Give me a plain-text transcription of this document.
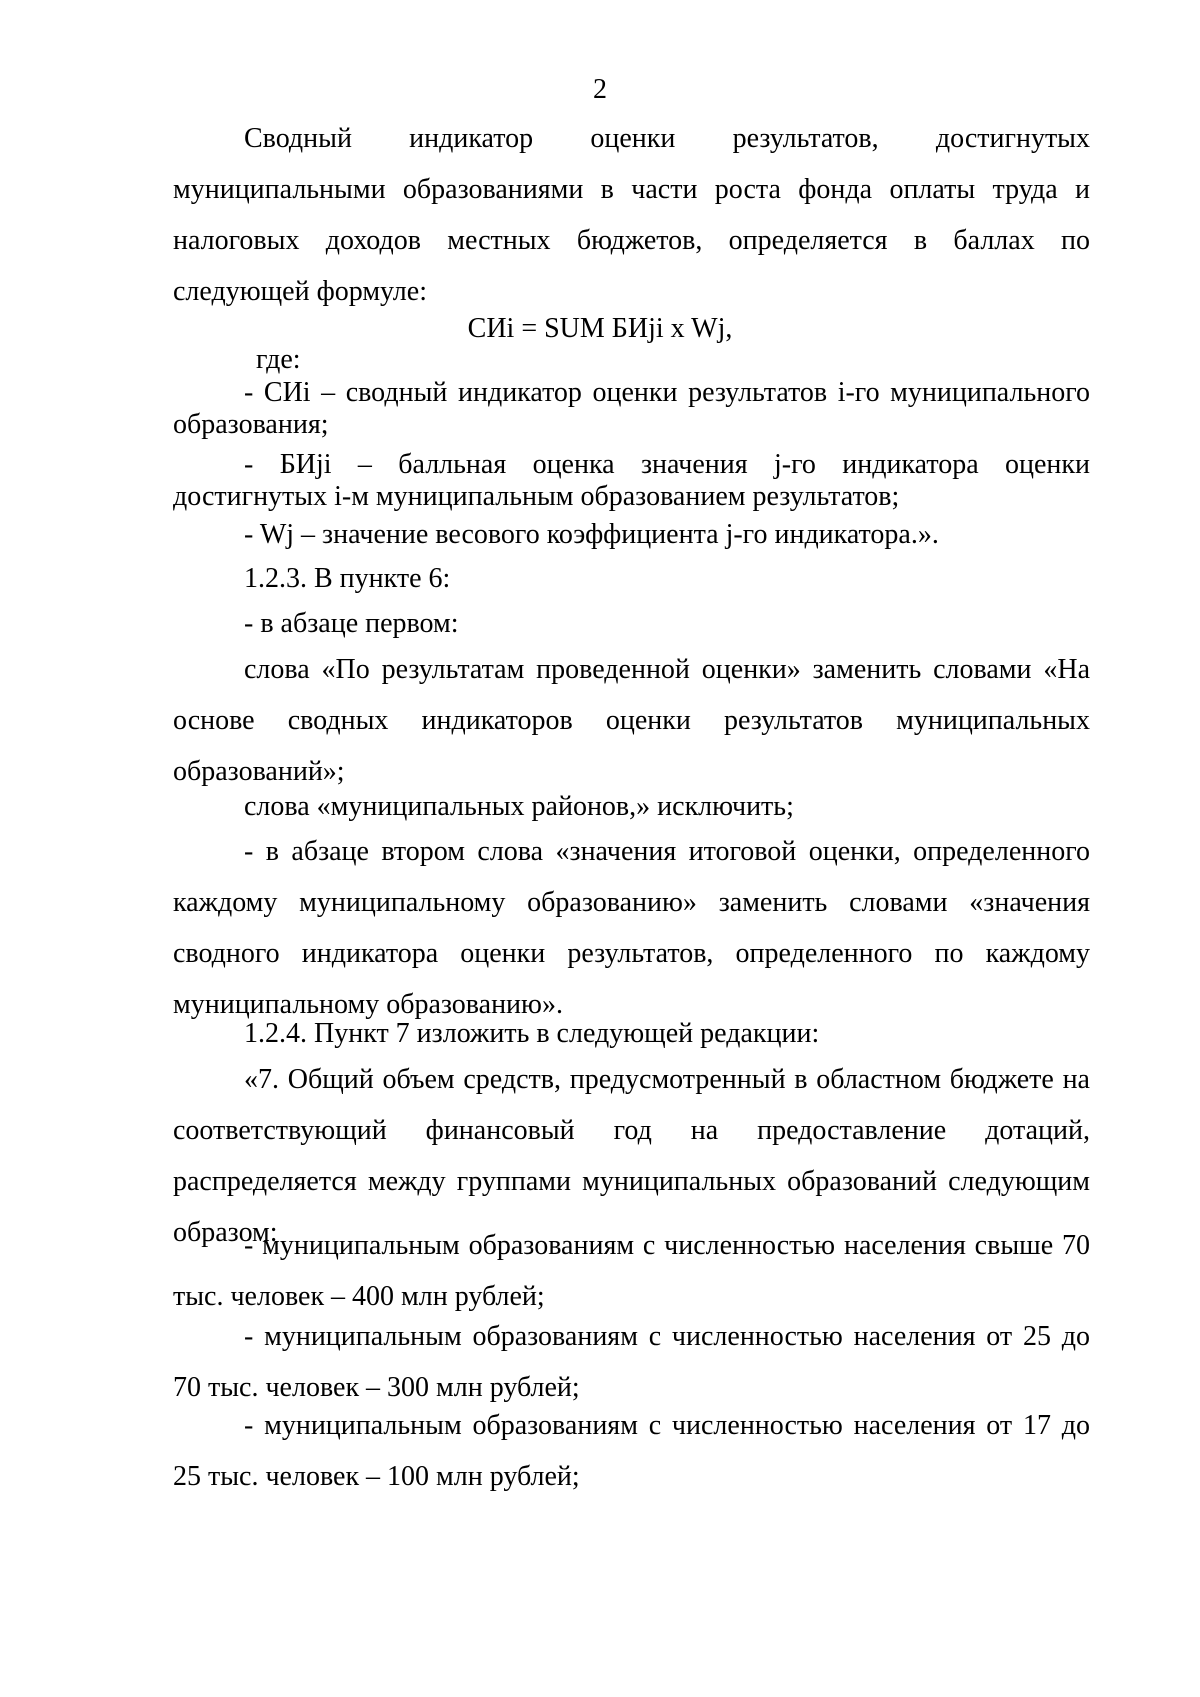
2

Сводный индикатор оценки результатов, достигнутых муниципальными образованиями в части роста фонда оплаты труда и налоговых доходов местных бюджетов, определяется в баллах по следующей формуле:

СИi = SUM БИji x Wj,
где:

- СИi – сводный индикатор оценки результатов i-го муниципального образования;

- БИji – балльная оценка значения j-го индикатора оценки достигнутых i-м муниципальным образованием результатов;

- Wj – значение весового коэффициента j-го индикатора.».

1.2.3. В пункте 6:

- в абзаце первом:

слова «По результатам проведенной оценки» заменить словами «На основе сводных индикаторов оценки результатов муниципальных образований»;

слова «муниципальных районов,» исключить;

- в абзаце втором слова «значения итоговой оценки, определенного каждому муниципальному образованию» заменить словами «значения сводного индикатора оценки результатов, определенного по каждому муниципальному образованию».

1.2.4. Пункт 7 изложить в следующей редакции:

«7. Общий объем средств, предусмотренный в областном бюджете на соответствующий финансовый год на предоставление дотаций, распределяется между группами муниципальных образований следующим образом:

- муниципальным образованиям с численностью населения свыше 70 тыс. человек – 400 млн рублей;

- муниципальным образованиям с численностью населения от 25 до 70 тыс. человек – 300 млн рублей;

- муниципальным образованиям с численностью населения от 17 до 25 тыс. человек – 100 млн рублей;
